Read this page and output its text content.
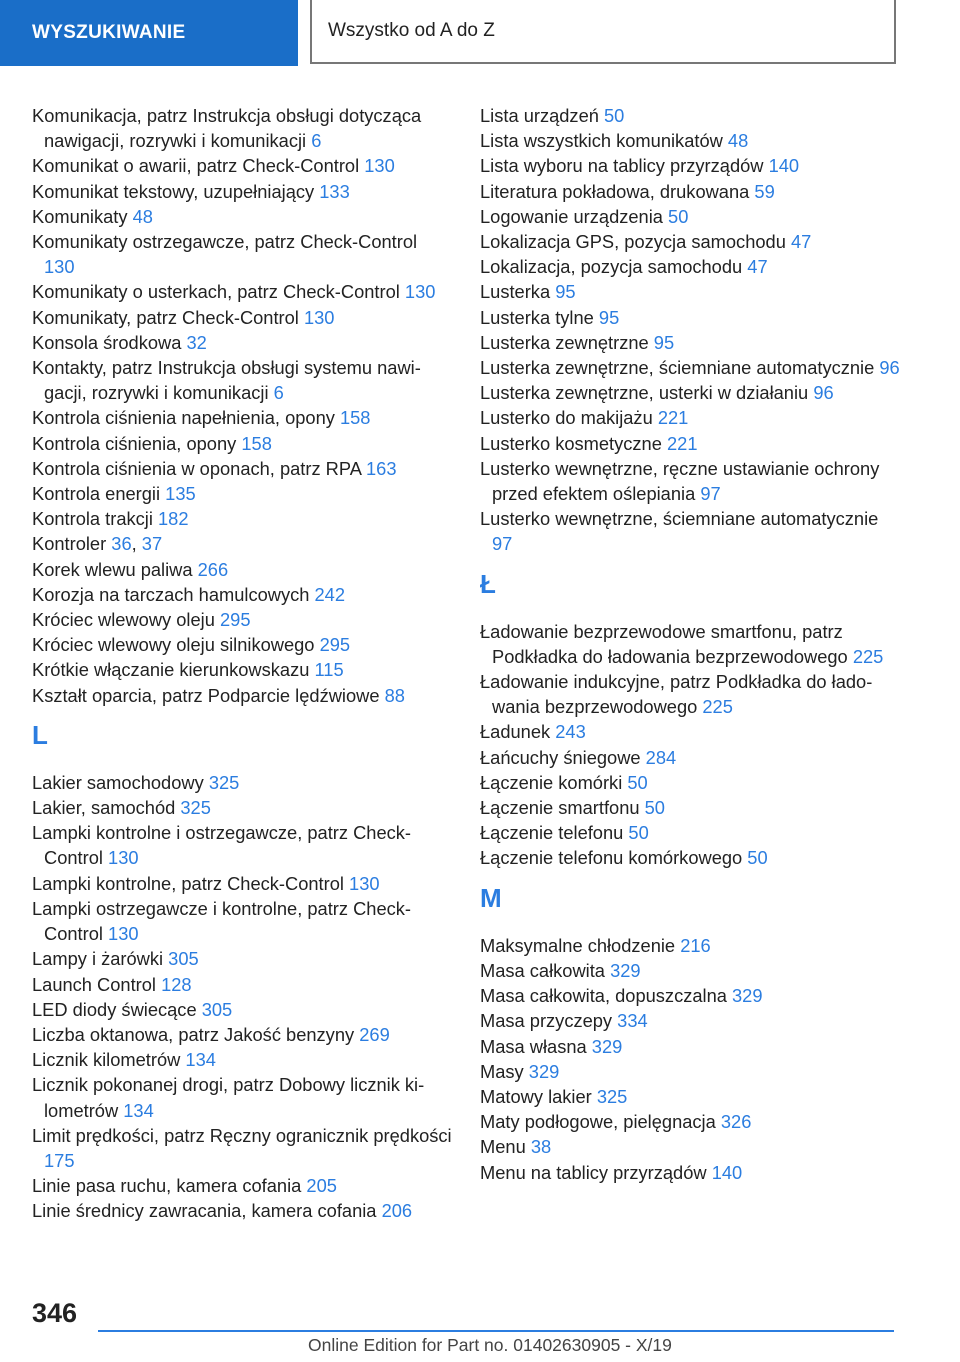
WYSZUKIWANIE	Wszystko od A do Z
Komunikacja, patrz Instrukcja obsługi dotycząca nawigacji, rozrywki i komunikacji 6
Komunikat o awarii, patrz Check-Control 130
Komunikat tekstowy, uzupełniający 133
Komunikaty 48
Komunikaty ostrzegawcze, patrz Check-Control 130
Komunikaty o usterkach, patrz Check-Control 130
Komunikaty, patrz Check-Control 130
Konsola środkowa 32
Kontakty, patrz Instrukcja obsługi systemu nawigacji, rozrywki i komunikacji 6
Kontrola ciśnienia napełnienia, opony 158
Kontrola ciśnienia, opony 158
Kontrola ciśnienia w oponach, patrz RPA 163
Kontrola energii 135
Kontrola trakcji 182
Kontroler 36, 37
Korek wlewu paliwa 266
Korozja na tarczach hamulcowych 242
Króciec wlewowy oleju 295
Króciec wlewowy oleju silnikowego 295
Krótkie włączanie kierunkowskazu 115
Kształt oparcia, patrz Podparcie lędźwiowe 88
L
Lakier samochodowy 325
Lakier, samochód 325
Lampki kontrolne i ostrzegawcze, patrz Check-Control 130
Lampki kontrolne, patrz Check-Control 130
Lampki ostrzegawcze i kontrolne, patrz Check-Control 130
Lampy i żarówki 305
Launch Control 128
LED diody świecące 305
Liczba oktanowa, patrz Jakość benzyny 269
Licznik kilometrów 134
Licznik pokonanej drogi, patrz Dobowy licznik kilometrów 134
Limit prędkości, patrz Ręczny ogranicznik prędkości 175
Linie pasa ruchu, kamera cofania 205
Linie średnicy zawracania, kamera cofania 206
Lista urządzeń 50
Lista wszystkich komunikatów 48
Lista wyboru na tablicy przyrządów 140
Literatura pokładowa, drukowana 59
Logowanie urządzenia 50
Lokalizacja GPS, pozycja samochodu 47
Lokalizacja, pozycja samochodu 47
Lusterka 95
Lusterka tylne 95
Lusterka zewnętrzne 95
Lusterka zewnętrzne, ściemniane automatycznie 96
Lusterka zewnętrzne, usterki w działaniu 96
Lusterko do makijażu 221
Lusterko kosmetyczne 221
Lusterko wewnętrzne, ręczne ustawianie ochrony przed efektem oślepiania 97
Lusterko wewnętrzne, ściemniane automatycznie 97
Ł
Ładowanie bezprzewodowe smartfonu, patrz Podkładka do ładowania bezprzewodowego 225
Ładowanie indukcyjne, patrz Podkładka do ładowania bezprzewodowego 225
Ładunek 243
Łańcuchy śniegowe 284
Łączenie komórki 50
Łączenie smartfonu 50
Łączenie telefonu 50
Łączenie telefonu komórkowego 50
M
Maksymalne chłodzenie 216
Masa całkowita 329
Masa całkowita, dopuszczalna 329
Masa przyczepy 334
Masa własna 329
Masy 329
Matowy lakier 325
Maty podłogowe, pielęgnacja 326
Menu 38
Menu na tablicy przyrządów 140
346
Online Edition for Part no. 01402630905 - X/19
